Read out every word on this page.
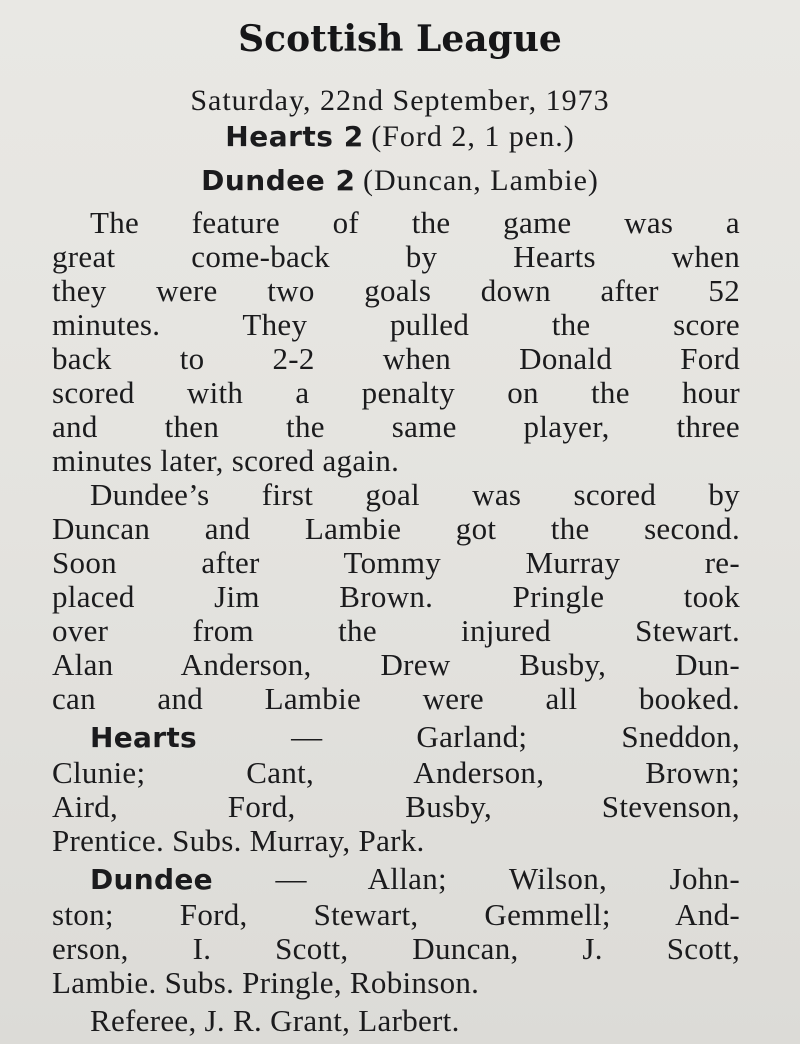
Scottish League
Saturday, 22nd September, 1973
Hearts 2 (Ford 2, 1 pen.)
Dundee 2 (Duncan, Lambie)
The feature of the game was a
great come-back by Hearts when
they were two goals down after 52
minutes. They pulled the score
back to 2-2 when Donald Ford
scored with a penalty on the hour
and then the same player, three
minutes later, scored again.
Dundee’s first goal was scored by
Duncan and Lambie got the second.
Soon after Tommy Murray re-
placed Jim Brown. Pringle took
over from the injured Stewart.
Alan Anderson, Drew Busby, Dun-
can and Lambie were all booked.
Hearts	— Garland; Sneddon,
Clunie; Cant, Anderson, Brown;
Aird, Ford, Busby, Stevenson,
Prentice. Subs. Murray, Park.
Dundee — Allan; Wilson, John-
ston; Ford, Stewart, Gemmell; And-
erson, I. Scott, Duncan, J. Scott,
Lambie. Subs. Pringle, Robinson.
Referee, J. R. Grant, Larbert.
